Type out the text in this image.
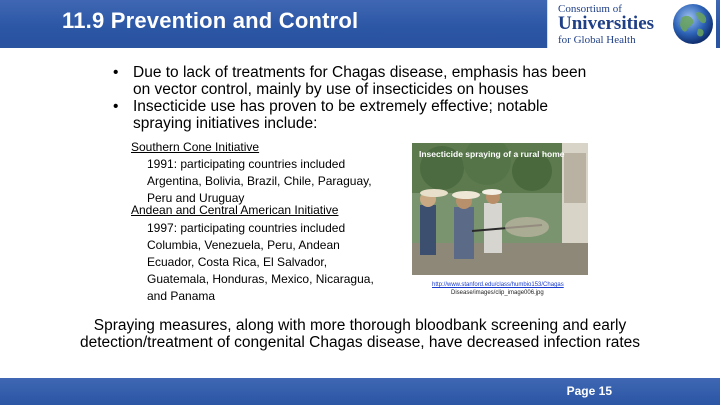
11.9 Prevention and Control	Consortium of
Universities
for Global Health
• Due to lack of treatments for Chagas disease, emphasis has been on vector control, mainly by use of insecticides on houses
• Insecticide use has proven to be extremely effective; notable spraying initiatives include:
Southern Cone Initiative
1991: participating countries included Argentina, Bolivia, Brazil, Chile, Paraguay, Peru and Uruguay
Andean and Central American Initiative
1997: participating countries included Columbia, Venezuela, Peru, Andean Ecuador, Costa Rica, El Salvador, Guatemala, Honduras, Mexico, Nicaragua, and Panama
Insecticide spraying of a rural home
http://www.stanford.edu/class/humbio153/Chagas
Disease/images/clip_image006.jpg
Spraying measures, along with more thorough bloodbank screening and early detection/treatment of congenital Chagas disease, have decreased infection rates
Page 15
